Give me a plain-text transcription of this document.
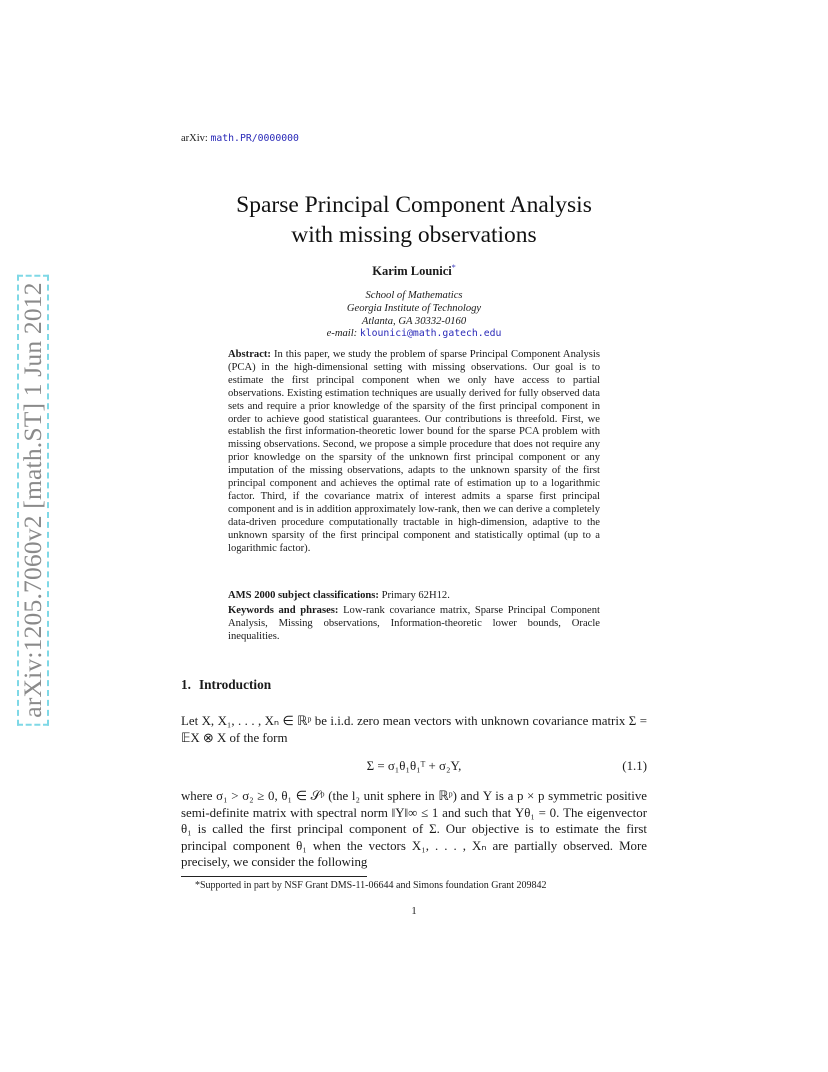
arXiv:1205.7060v2 [math.ST] 1 Jun 2012
arXiv: math.PR/0000000
Sparse Principal Component Analysis
with missing observations
Karim Lounici*
School of Mathematics
Georgia Institute of Technology
Atlanta, GA 30332-0160
e-mail: klounici@math.gatech.edu
Abstract: In this paper, we study the problem of sparse Principal Component Analysis (PCA) in the high-dimensional setting with missing observations. Our goal is to estimate the first principal component when we only have access to partial observations. Existing estimation techniques are usually derived for fully observed data sets and require a prior knowledge of the sparsity of the first principal component in order to achieve good statistical guarantees. Our contributions is threefold. First, we establish the first information-theoretic lower bound for the sparse PCA problem with missing observations. Second, we propose a simple procedure that does not require any prior knowledge on the sparsity of the unknown first principal component or any imputation of the missing observations, adapts to the unknown sparsity of the first principal component and achieves the optimal rate of estimation up to a logarithmic factor. Third, if the covariance matrix of interest admits a sparse first principal component and is in addition approximately low-rank, then we can derive a completely data-driven procedure computationally tractable in high-dimension, adaptive to the unknown sparsity of the first principal component and statistically optimal (up to a logarithmic factor).
AMS 2000 subject classifications: Primary 62H12.
Keywords and phrases: Low-rank covariance matrix, Sparse Principal Component Analysis, Missing observations, Information-theoretic lower bounds, Oracle inequalities.
1. Introduction
Let X, X₁, . . . , Xₙ ∈ ℝᵖ be i.i.d. zero mean vectors with unknown covariance matrix Σ = 𝔼X ⊗ X of the form
Σ = σ₁θ₁θ₁ᵀ + σ₂Υ,	(1.1)
where σ₁ > σ₂ ≥ 0, θ₁ ∈ 𝒮ᵖ (the l₂ unit sphere in ℝᵖ) and Υ is a p × p symmetric positive semi-definite matrix with spectral norm ‖Υ‖∞ ≤ 1 and such that Υθ₁ = 0. The eigenvector θ₁ is called the first principal component of Σ. Our objective is to estimate the first principal component θ₁ when the vectors X₁, . . . , Xₙ are partially observed. More precisely, we consider the following
*Supported in part by NSF Grant DMS-11-06644 and Simons foundation Grant 209842
1
